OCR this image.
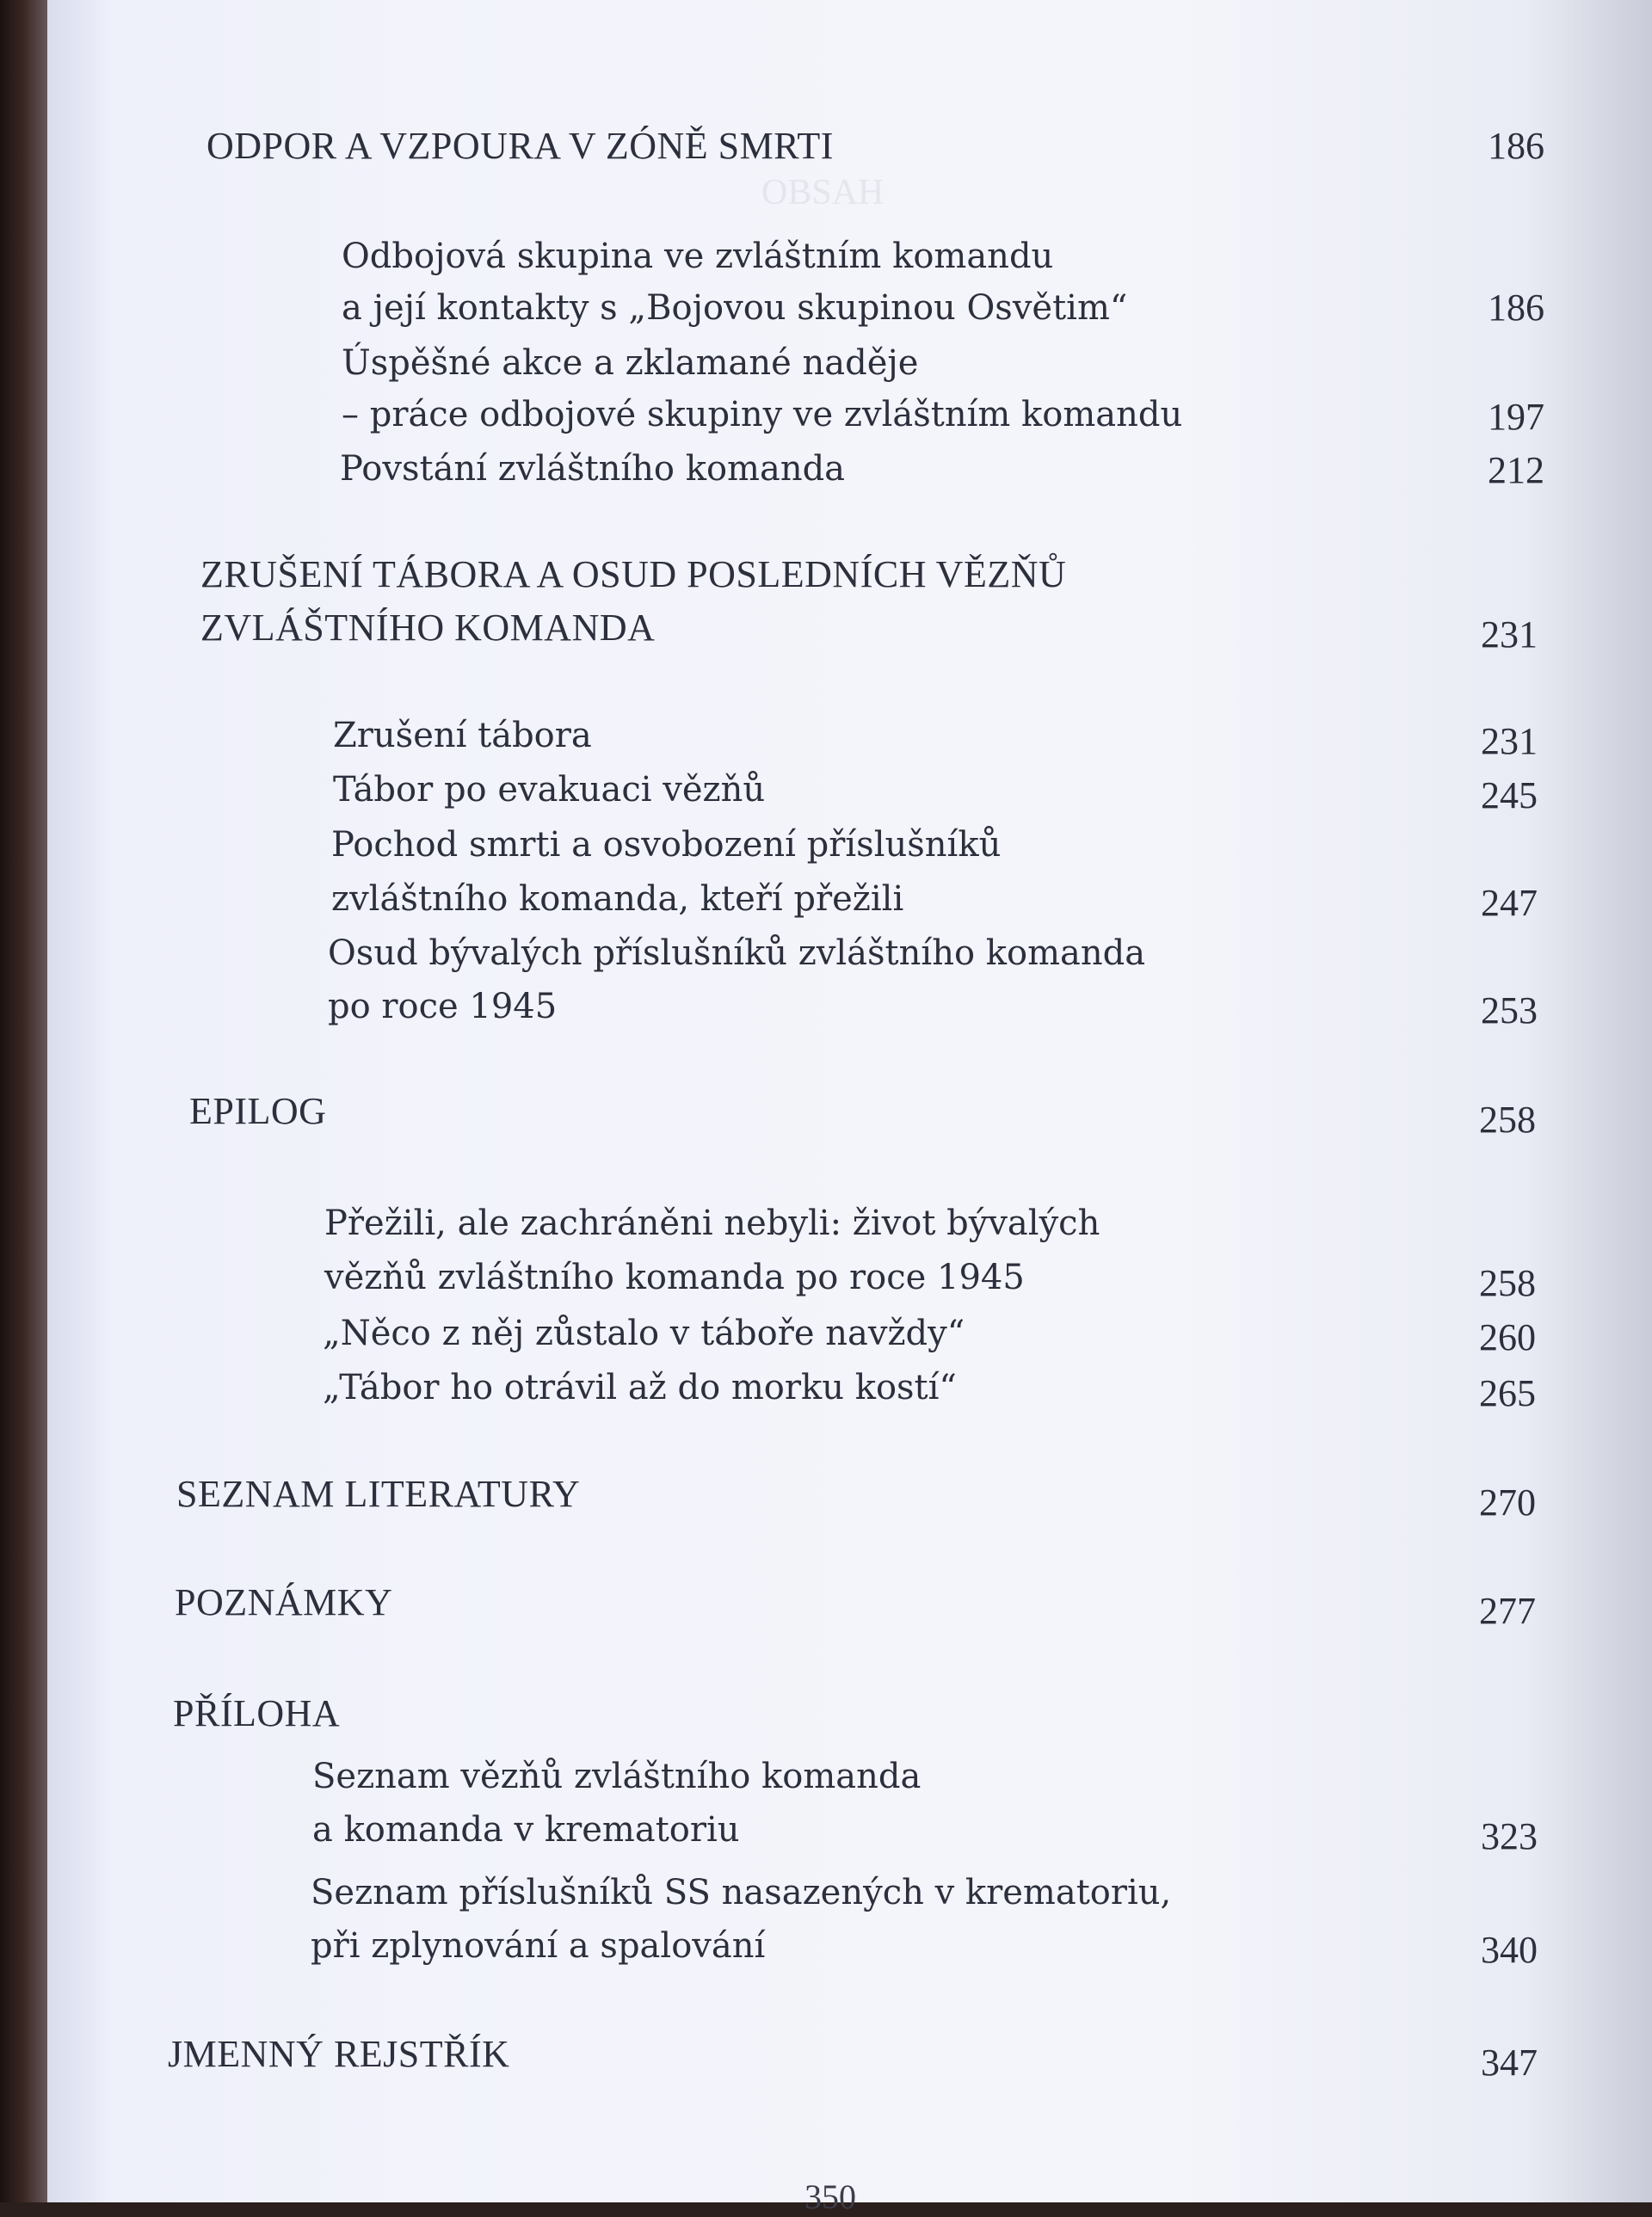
OBSAH
ODPOR A VZPOURA V ZÓNĚ SMRTI	186
Odbojová skupina ve zvláštním komandu
a její kontakty s „Bojovou skupinou Osvětim“	186
Úspěšné akce a zklamané naděje
– práce odbojové skupiny ve zvláštním komandu	197
Povstání zvláštního komanda	212
ZRUŠENÍ TÁBORA A OSUD POSLEDNÍCH VĚZŇŮ
ZVLÁŠTNÍHO KOMANDA	231
Zrušení tábora	231
Tábor po evakuaci vězňů	245
Pochod smrti a osvobození příslušníků
zvláštního komanda, kteří přežili	247
Osud bývalých příslušníků zvláštního komanda
po roce 1945	253
EPILOG	258
Přežili, ale zachráněni nebyli: život bývalých
vězňů zvláštního komanda po roce 1945	258
„Něco z něj zůstalo v táboře navždy“	260
„Tábor ho otrávil až do morku kostí“	265
SEZNAM LITERATURY	270
POZNÁMKY	277
PŘÍLOHA
Seznam vězňů zvláštního komanda
a komanda v krematoriu	323
Seznam příslušníků SS nasazených v krematoriu,
při zplynování a spalování	340
JMENNÝ REJSTŘÍK	347
350
